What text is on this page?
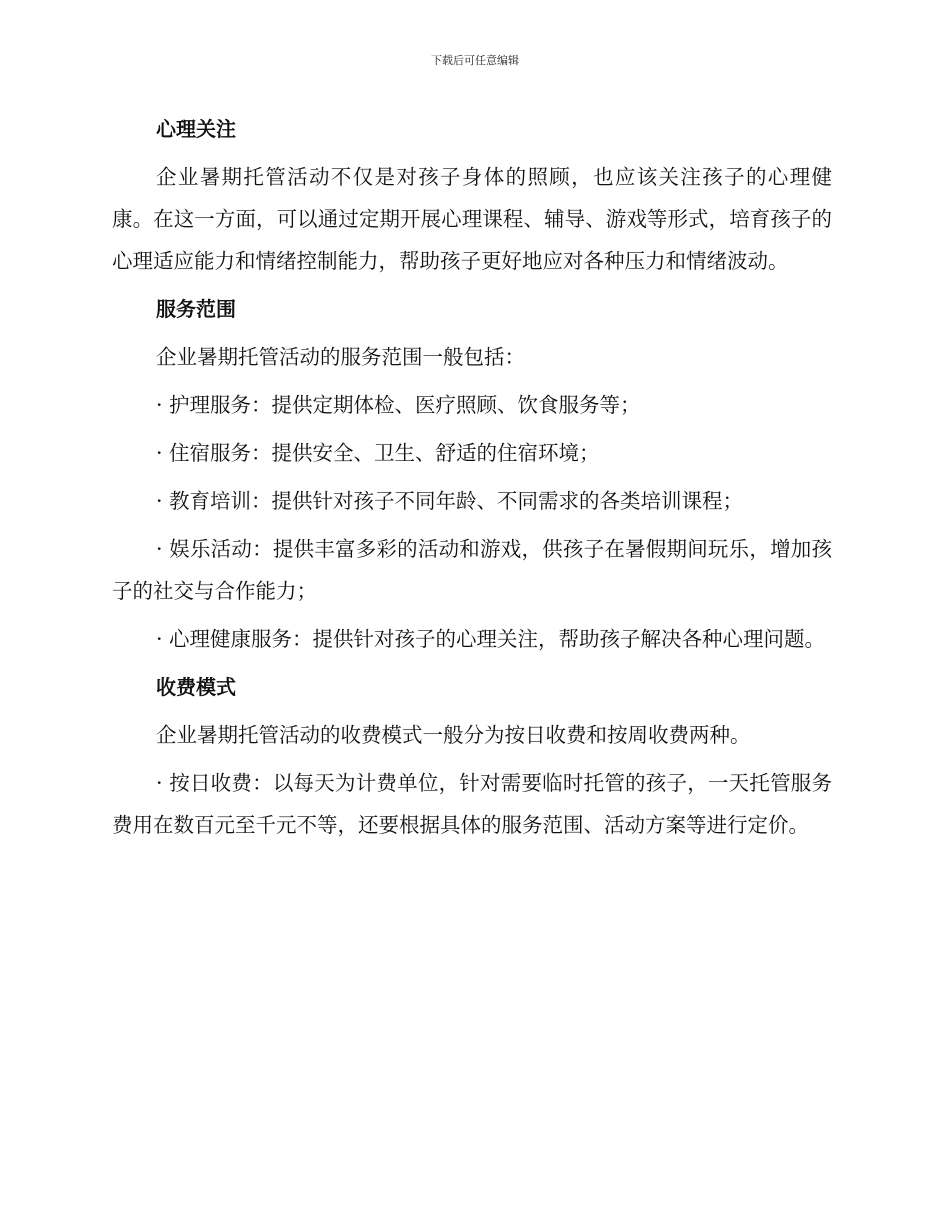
下载后可任意编辑
心理关注

企业暑期托管活动不仅是对孩子身体的照顾，也应该关注孩子的心理健康。在这一方面，可以通过定期开展心理课程、辅导、游戏等形式，培育孩子的心理适应能力和情绪控制能力，帮助孩子更好地应对各种压力和情绪波动。

服务范围

企业暑期托管活动的服务范围一般包括：

· 护理服务：提供定期体检、医疗照顾、饮食服务等；

· 住宿服务：提供安全、卫生、舒适的住宿环境；

· 教育培训：提供针对孩子不同年龄、不同需求的各类培训课程；

· 娱乐活动：提供丰富多彩的活动和游戏，供孩子在暑假期间玩乐，增加孩子的社交与合作能力；

· 心理健康服务：提供针对孩子的心理关注，帮助孩子解决各种心理问题。

收费模式

企业暑期托管活动的收费模式一般分为按日收费和按周收费两种。

· 按日收费：以每天为计费单位，针对需要临时托管的孩子，一天托管服务费用在数百元至千元不等，还要根据具体的服务范围、活动方案等进行定价。
